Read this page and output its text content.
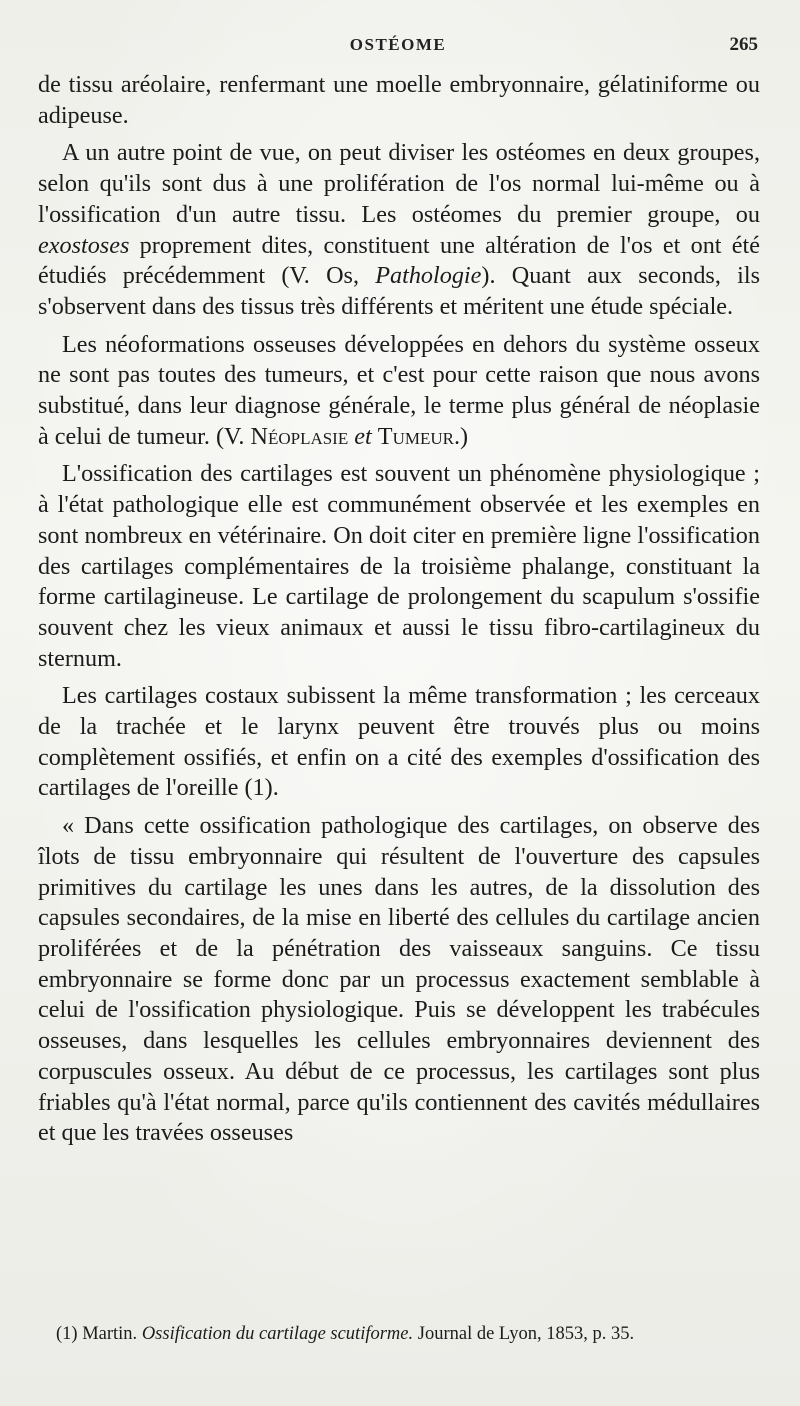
OSTÉOME	265

de tissu aréolaire, renfermant une moelle embryonnaire, gélatiniforme ou adipeuse.

A un autre point de vue, on peut diviser les ostéomes en deux groupes, selon qu'ils sont dus à une prolifération de l'os normal lui-même ou à l'ossification d'un autre tissu. Les ostéomes du premier groupe, ou exostoses proprement dites, constituent une altération de l'os et ont été étudiés précédemment (V. Os, Pathologie). Quant aux seconds, ils s'observent dans des tissus très différents et méritent une étude spéciale.

Les néoformations osseuses développées en dehors du système osseux ne sont pas toutes des tumeurs, et c'est pour cette raison que nous avons substitué, dans leur diagnose générale, le terme plus général de néoplasie à celui de tumeur. (V. Néoplasie et Tumeur.)

L'ossification des cartilages est souvent un phénomène physiologique ; à l'état pathologique elle est communément observée et les exemples en sont nombreux en vétérinaire. On doit citer en première ligne l'ossification des cartilages complémentaires de la troisième phalange, constituant la forme cartilagineuse. Le cartilage de prolongement du scapulum s'ossifie souvent chez les vieux animaux et aussi le tissu fibro-cartilagineux du sternum.

Les cartilages costaux subissent la même transformation ; les cerceaux de la trachée et le larynx peuvent être trouvés plus ou moins complètement ossifiés, et enfin on a cité des exemples d'ossification des cartilages de l'oreille (1).

« Dans cette ossification pathologique des cartilages, on observe des îlots de tissu embryonnaire qui résultent de l'ouverture des capsules primitives du cartilage les unes dans les autres, de la dissolution des capsules secondaires, de la mise en liberté des cellules du cartilage ancien proliférées et de la pénétration des vaisseaux sanguins. Ce tissu embryonnaire se forme donc par un processus exactement semblable à celui de l'ossification physiologique. Puis se développent les trabécules osseuses, dans lesquelles les cellules embryonnaires deviennent des corpuscules osseux. Au début de ce processus, les cartilages sont plus friables qu'à l'état normal, parce qu'ils contiennent des cavités médullaires et que les travées osseuses

(1) Martin. Ossification du cartilage scutiforme. Journal de Lyon, 1853, p. 35.
